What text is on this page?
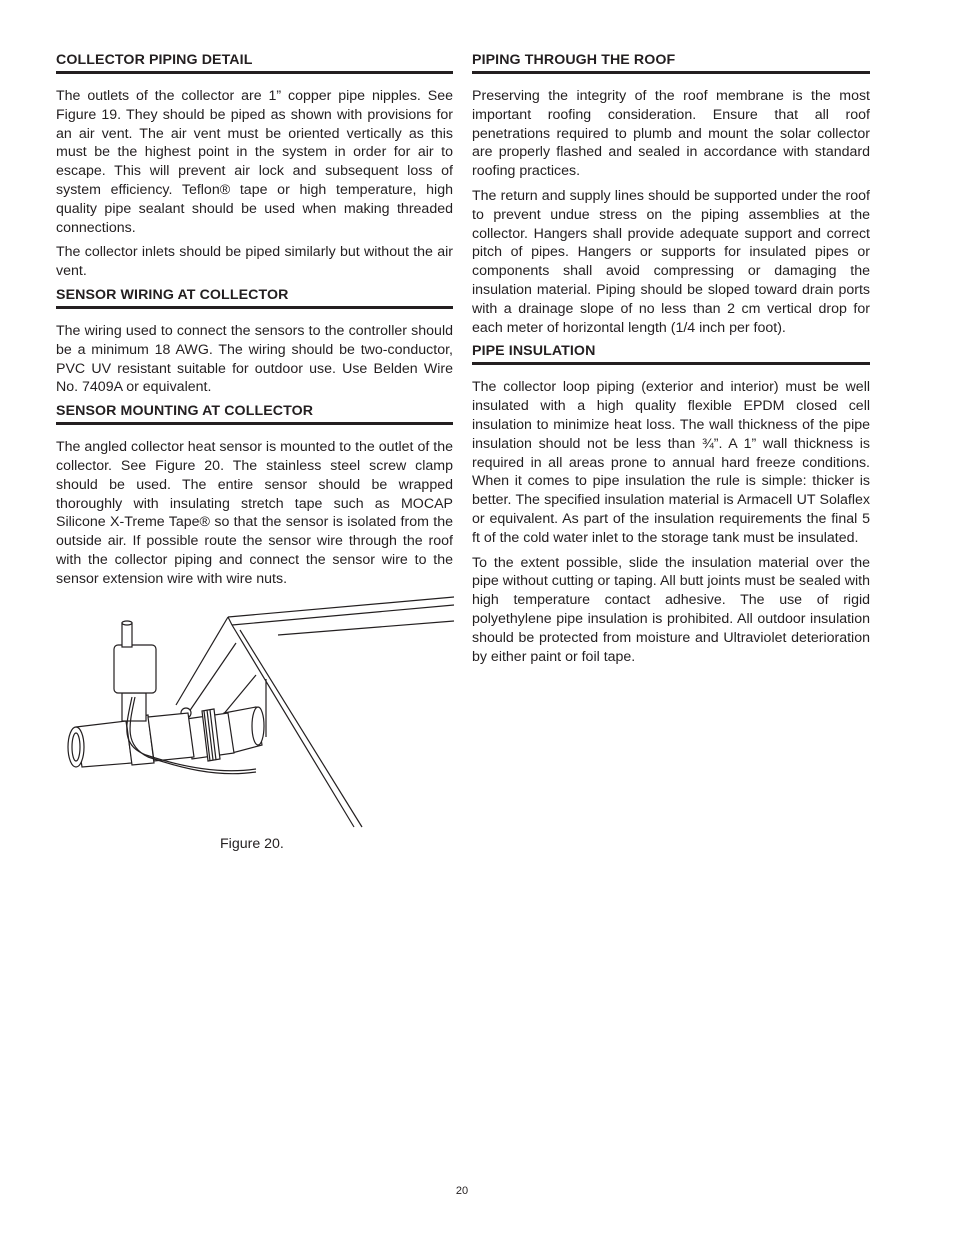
COLLECTOR PIPING DETAIL

The outlets of the collector are 1” copper pipe nipples. See Figure 19. They should be piped as shown with provisions for an air vent. The air vent must be oriented vertically as this must be the highest point in the system in order for air to escape. This will prevent air lock and subsequent loss of system efficiency. Teflon® tape or high temperature, high quality pipe sealant should be used when making threaded connections.

The collector inlets should be piped similarly but without the air vent.

SENSOR WIRING AT COLLECTOR

The wiring used to connect the sensors to the controller should be a minimum 18 AWG. The wiring should be two-conductor, PVC UV resistant suitable for outdoor use. Use Belden Wire No. 7409A or equivalent.

SENSOR MOUNTING AT COLLECTOR

The angled collector heat sensor is mounted to the outlet of the collector. See Figure 20. The stainless steel screw clamp should be used. The entire sensor should be wrapped thoroughly with insulating stretch tape such as MOCAP Silicone X-Treme Tape® so that the sensor is isolated from the outside air. If possible route the sensor wire through the roof with the collector piping and connect the sensor wire to the sensor extension wire with wire nuts.

Figure 20.
PIPING THROUGH THE ROOF

Preserving the integrity of the roof membrane is the most important roofing consideration. Ensure that all roof penetrations required to plumb and mount the solar collector are properly flashed and sealed in accordance with standard roofing practices.

The return and supply lines should be supported under the roof to prevent undue stress on the piping assemblies at the collector. Hangers shall provide adequate support and correct pitch of pipes. Hangers or supports for insulated pipes or components shall avoid compressing or damaging the insulation material. Piping should be sloped toward drain ports with a drainage slope of no less than 2 cm vertical drop for each meter of horizontal length (1/4 inch per foot).

PIPE INSULATION

The collector loop piping (exterior and interior) must be well insulated with a high quality flexible EPDM closed cell insulation to minimize heat loss. The wall thickness of the pipe insulation should not be less than ¾”. A 1” wall thickness is required in all areas prone to annual hard freeze conditions. When it comes to pipe insulation the rule is simple: thicker is better. The specified insulation material is Armacell UT Solaflex or equivalent. As part of the insulation requirements the final 5 ft of the cold water inlet to the storage tank must be insulated.

To the extent possible, slide the insulation material over the pipe without cutting or taping. All butt joints must be sealed with high temperature contact adhesive. The use of rigid polyethylene pipe insulation is prohibited. All outdoor insulation should be protected from moisture and Ultraviolet deterioration by either paint or foil tape.

20
